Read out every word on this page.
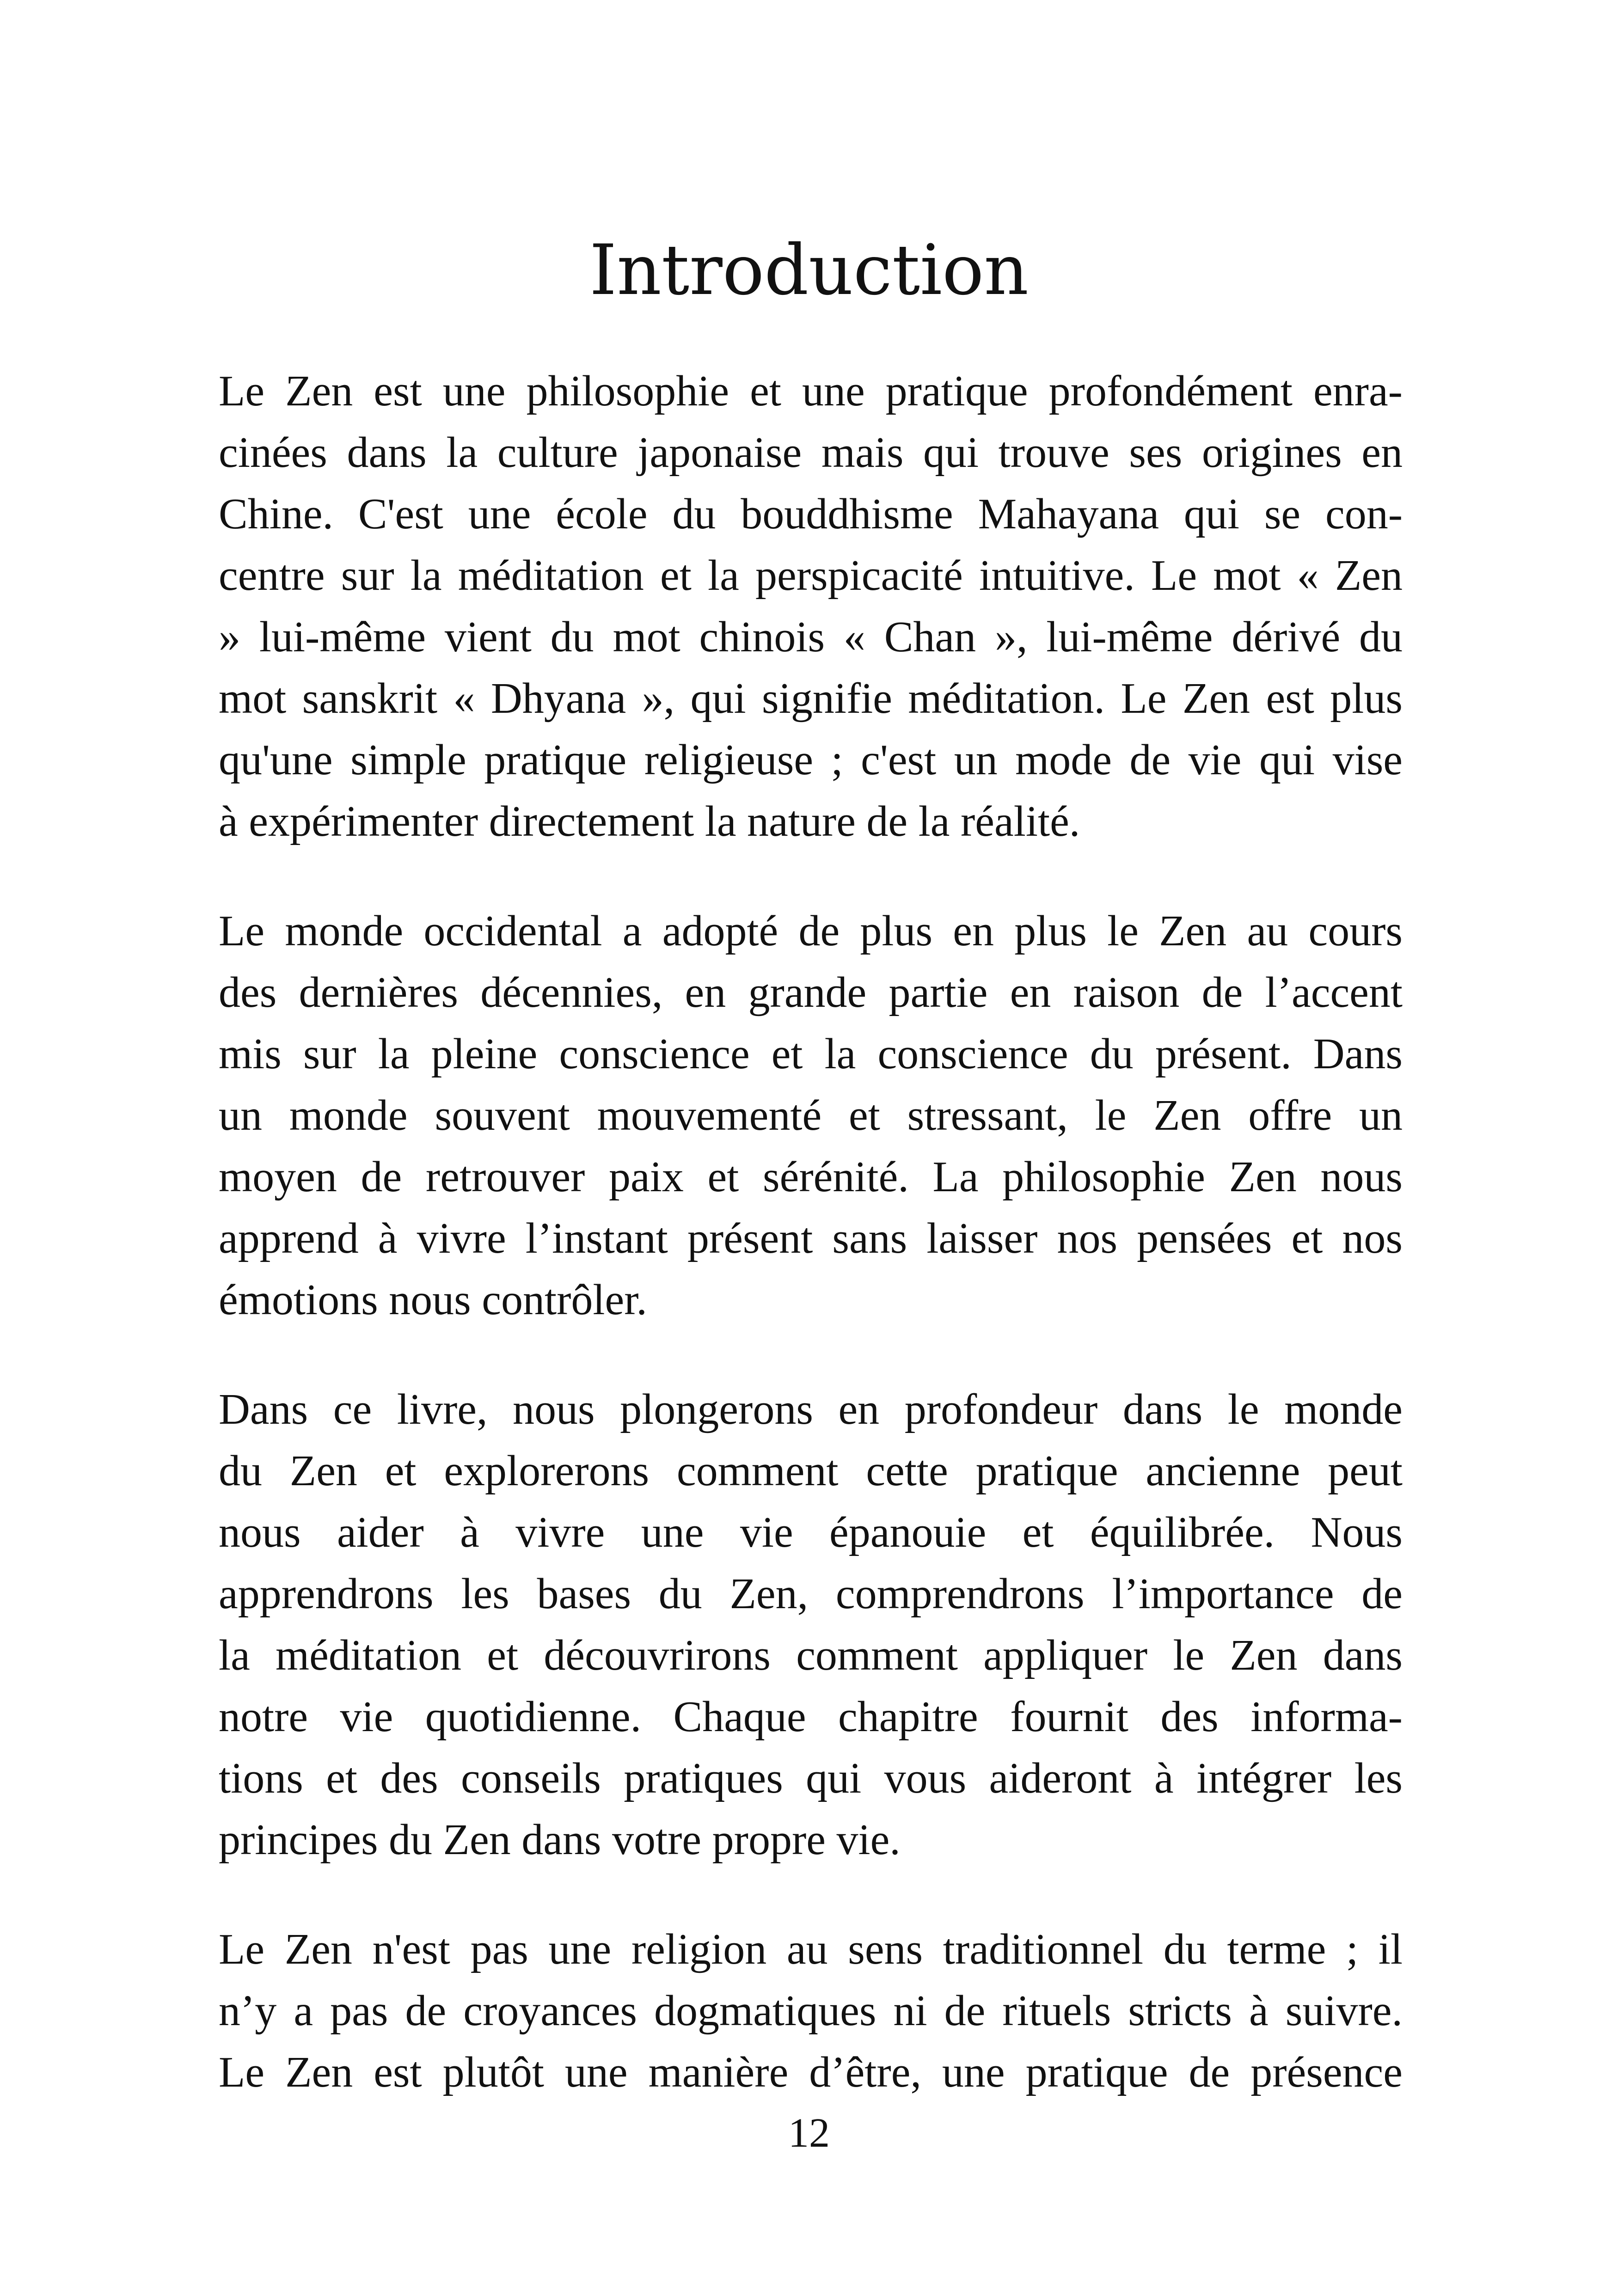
Introduction

Le Zen est une philosophie et une pratique profondément enra-
cinées dans la culture japonaise mais qui trouve ses origines en
Chine. C'est une école du bouddhisme Mahayana qui se con-
centre sur la méditation et la perspicacité intuitive. Le mot « Zen
» lui-même vient du mot chinois « Chan », lui-même dérivé du
mot sanskrit « Dhyana », qui signifie méditation. Le Zen est plus
qu'une simple pratique religieuse ; c'est un mode de vie qui vise
à expérimenter directement la nature de la réalité.

Le monde occidental a adopté de plus en plus le Zen au cours
des dernières décennies, en grande partie en raison de l’accent
mis sur la pleine conscience et la conscience du présent. Dans
un monde souvent mouvementé et stressant, le Zen offre un
moyen de retrouver paix et sérénité. La philosophie Zen nous
apprend à vivre l’instant présent sans laisser nos pensées et nos
émotions nous contrôler.

Dans ce livre, nous plongerons en profondeur dans le monde
du Zen et explorerons comment cette pratique ancienne peut
nous aider à vivre une vie épanouie et équilibrée. Nous
apprendrons les bases du Zen, comprendrons l’importance de
la méditation et découvrirons comment appliquer le Zen dans
notre vie quotidienne. Chaque chapitre fournit des informa-
tions et des conseils pratiques qui vous aideront à intégrer les
principes du Zen dans votre propre vie.

Le Zen n'est pas une religion au sens traditionnel du terme ; il
n’y a pas de croyances dogmatiques ni de rituels stricts à suivre.
Le Zen est plutôt une manière d’être, une pratique de présence

12
